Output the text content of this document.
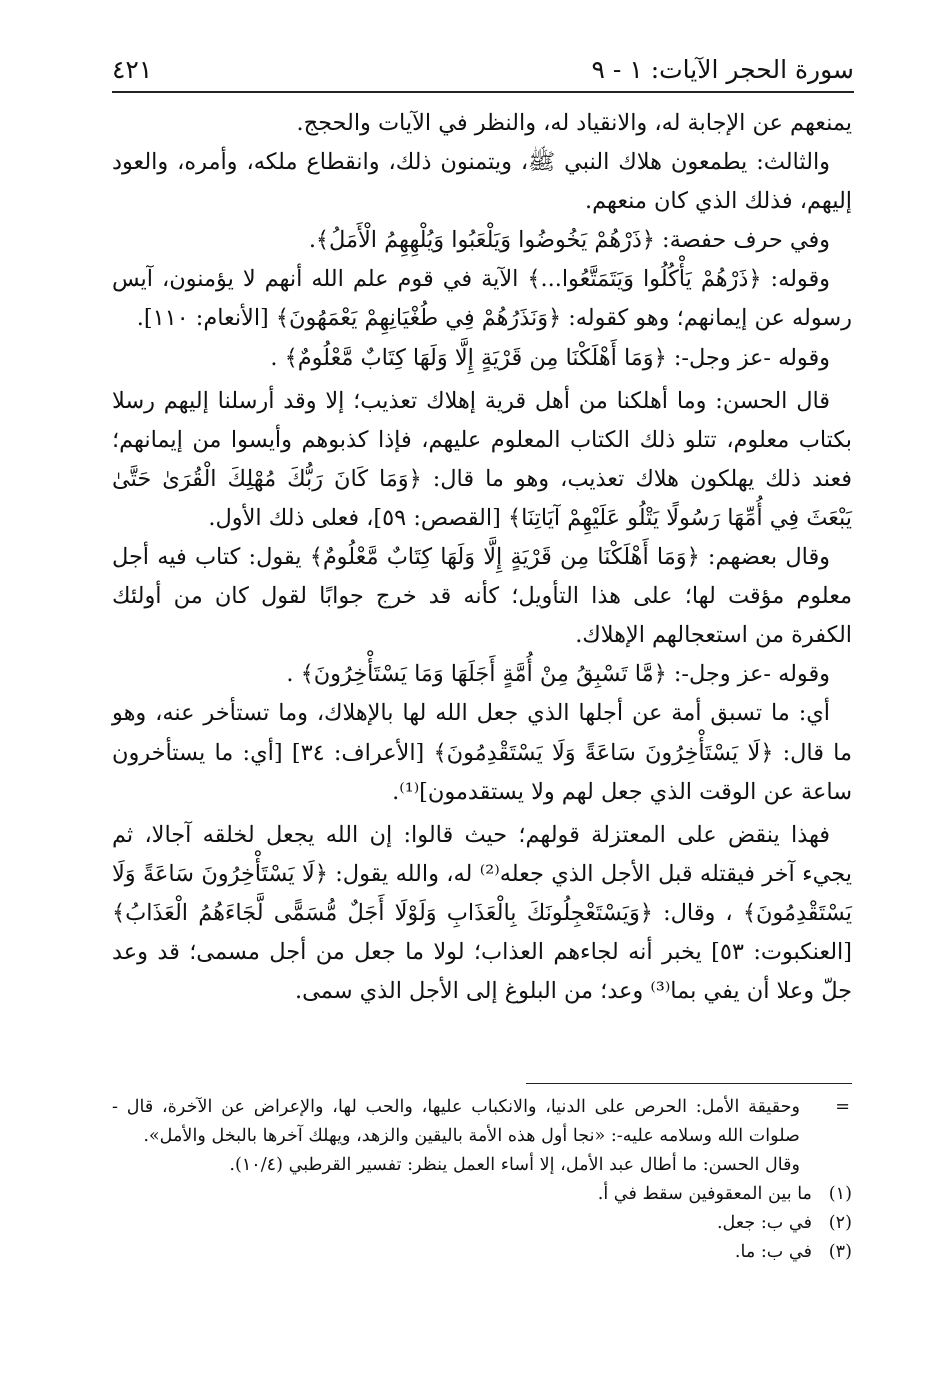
سورة الحجر الآيات: ١ - ٩
٤٢١

يمنعهم عن الإجابة له، والانقياد له، والنظر في الآيات والحجج.

والثالث: يطمعون هلاك النبي ﷺ، ويتمنون ذلك، وانقطاع ملكه، وأمره، والعود إليهم، فذلك الذي كان منعهم.

وفي حرف حفصة: ﴿ذَرْهُمْ يَخُوضُوا وَيَلْعَبُوا وَيُلْهِهِمُ الْأَمَلُ﴾.

وقوله: ﴿ذَرْهُمْ يَأْكُلُوا وَيَتَمَتَّعُوا...﴾ الآية في قوم علم الله أنهم لا يؤمنون، آيس رسوله عن إيمانهم؛ وهو كقوله: ﴿وَنَذَرُهُمْ فِي طُغْيَانِهِمْ يَعْمَهُونَ﴾ [الأنعام: ١١٠].

وقوله -عز وجل-: ﴿وَمَا أَهْلَكْنَا مِن قَرْيَةٍ إِلَّا وَلَهَا كِتَابٌ مَّعْلُومٌ﴾ .

قال الحسن: وما أهلكنا من أهل قرية إهلاك تعذيب؛ إلا وقد أرسلنا إليهم رسلا بكتاب معلوم، تتلو ذلك الكتاب المعلوم عليهم، فإذا كذبوهم وأيسوا من إيمانهم؛ فعند ذلك يهلكون هلاك تعذيب، وهو ما قال: ﴿وَمَا كَانَ رَبُّكَ مُهْلِكَ الْقُرَىٰ حَتَّىٰ يَبْعَثَ فِي أُمِّهَا رَسُولًا يَتْلُو عَلَيْهِمْ آيَاتِنَا﴾ [القصص: ٥٩]، فعلى ذلك الأول.

وقال بعضهم: ﴿وَمَا أَهْلَكْنَا مِن قَرْيَةٍ إِلَّا وَلَهَا كِتَابٌ مَّعْلُومٌ﴾ يقول: كتاب فيه أجل معلوم مؤقت لها؛ على هذا التأويل؛ كأنه قد خرج جوابًا لقول كان من أولئك الكفرة من استعجالهم الإهلاك.

وقوله -عز وجل-: ﴿مَّا تَسْبِقُ مِنْ أُمَّةٍ أَجَلَهَا وَمَا يَسْتَأْخِرُونَ﴾ .

أي: ما تسبق أمة عن أجلها الذي جعل الله لها بالإهلاك، وما تستأخر عنه، وهو ما قال: ﴿لَا يَسْتَأْخِرُونَ سَاعَةً وَلَا يَسْتَقْدِمُونَ﴾ [الأعراف: ٣٤] [أي: ما يستأخرون ساعة عن الوقت الذي جعل لهم ولا يستقدمون]⁽¹⁾.

فهذا ينقض على المعتزلة قولهم؛ حيث قالوا: إن الله يجعل لخلقه آجالا، ثم يجيء آخر فيقتله قبل الأجل الذي جعله⁽²⁾ له، والله يقول: ﴿لَا يَسْتَأْخِرُونَ سَاعَةً وَلَا يَسْتَقْدِمُونَ﴾ ، وقال: ﴿وَيَسْتَعْجِلُونَكَ بِالْعَذَابِ وَلَوْلَا أَجَلٌ مُّسَمًّى لَّجَاءَهُمُ الْعَذَابُ﴾ [العنكبوت: ٥٣] يخبر أنه لجاءهم العذاب؛ لولا ما جعل من أجل مسمى؛ قد وعد جلّ وعلا أن يفي بما⁽³⁾ وعد؛ من البلوغ إلى الأجل الذي سمى.

=
وحقيقة الأمل: الحرص على الدنيا، والانكباب عليها، والحب لها، والإعراض عن الآخرة، قال - صلوات الله وسلامه عليه-: «نجا أول هذه الأمة باليقين والزهد، ويهلك آخرها بالبخل والأمل».

وقال الحسن: ما أطال عبد الأمل، إلا أساء العمل ينظر: تفسير القرطبي (١٠/٤).

(١)
ما بين المعقوفين سقط في أ.

(٢)
في ب: جعل.

(٣)
في ب: ما.
